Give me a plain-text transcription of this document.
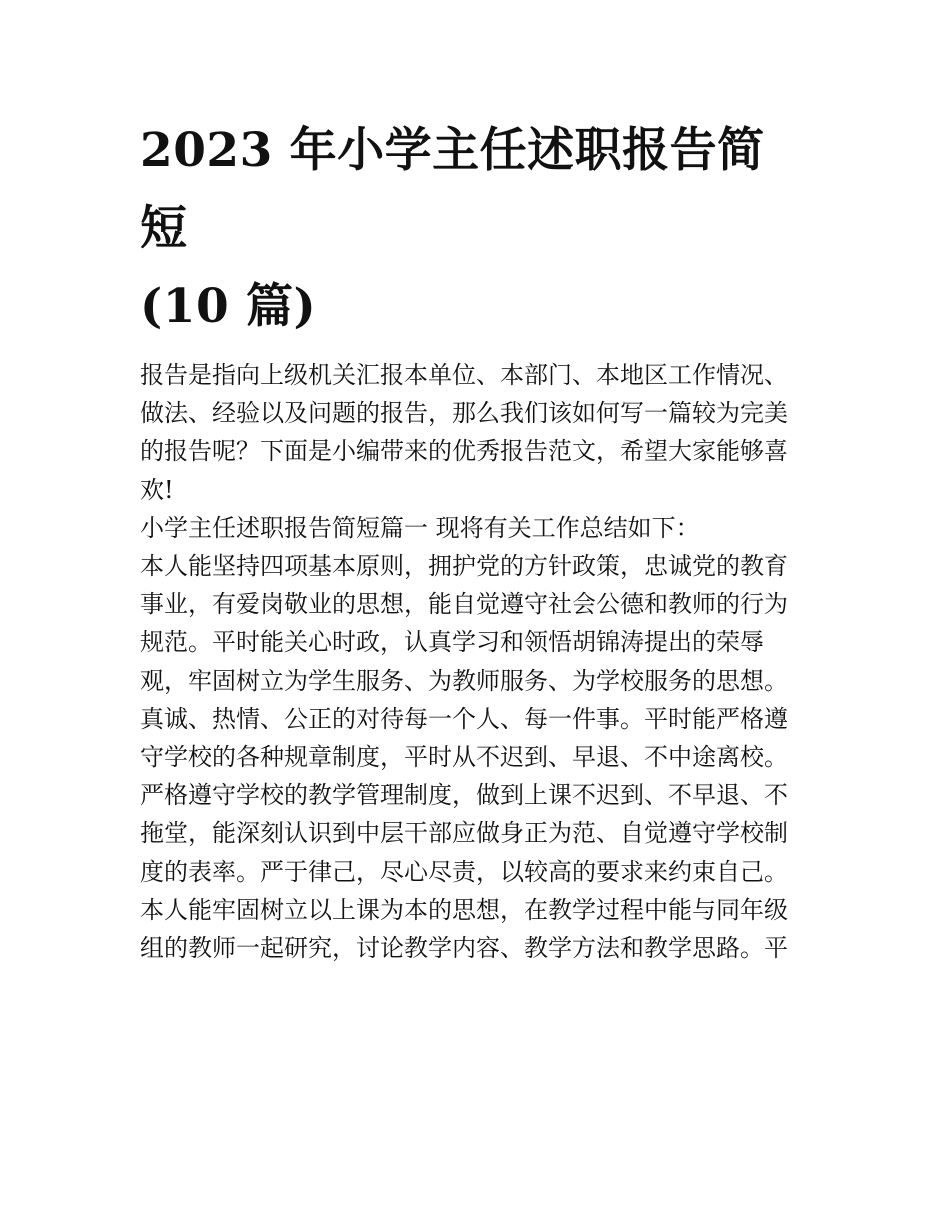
2023 年小学主任述职报告简短
(10 篇)

报告是指向上级机关汇报本单位、本部门、本地区工作情况、
做法、经验以及问题的报告，那么我们该如何写一篇较为完美
的报告呢？下面是小编带来的优秀报告范文，希望大家能够喜
欢!

小学主任述职报告简短篇一 现将有关工作总结如下：

本人能坚持四项基本原则，拥护党的方针政策，忠诚党的教育
事业，有爱岗敬业的思想，能自觉遵守社会公德和教师的行为
规范。平时能关心时政，认真学习和领悟胡锦涛提出的荣辱
观，牢固树立为学生服务、为教师服务、为学校服务的思想。
真诚、热情、公正的对待每一个人、每一件事。平时能严格遵
守学校的各种规章制度，平时从不迟到、早退、不中途离校。
严格遵守学校的教学管理制度，做到上课不迟到、不早退、不
拖堂，能深刻认识到中层干部应做身正为范、自觉遵守学校制
度的表率。严于律己，尽心尽责，以较高的要求来约束自己。
本人能牢固树立以上课为本的思想，在教学过程中能与同年级
组的教师一起研究，讨论教学内容、教学方法和教学思路。平
